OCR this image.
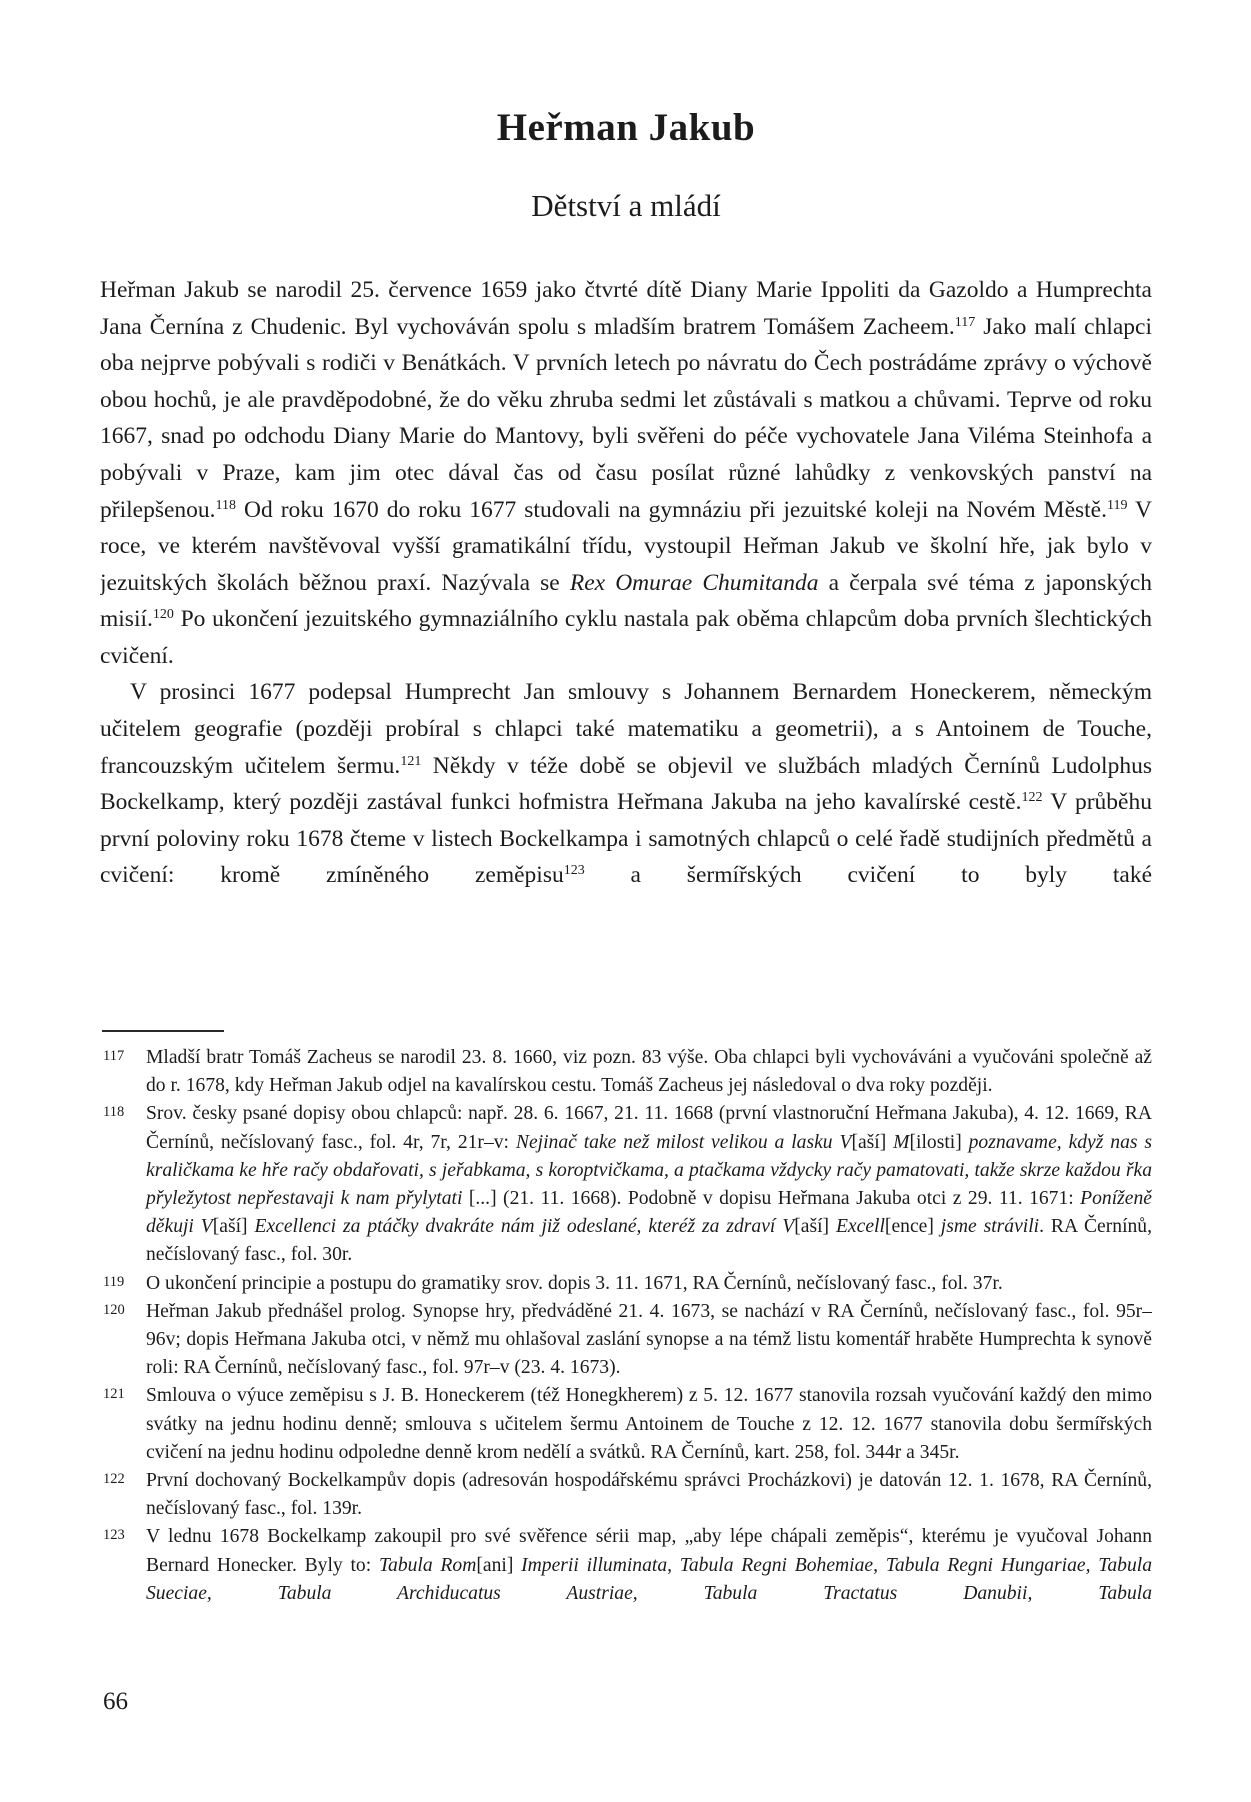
Heřman Jakub
Dětství a mládí

Heřman Jakub se narodil 25. července 1659 jako čtvrté dítě Diany Marie Ippoliti da Gazoldo a Humprechta Jana Černína z Chudenic. Byl vychováván spolu s mladším bratrem Tomášem Zacheem.$^{117}$ Jako malí chlapci oba nejprve pobývali s rodiči v Benátkách. V prvních letech po návratu do Čech postrádáme zprávy o výchově obou hochů, je ale pravděpodobné, že do věku zhruba sedmi let zůstávali s matkou a chůvami. Teprve od roku 1667, snad po odchodu Diany Marie do Mantovy, byli svěřeni do péče vychovatele Jana Viléma Steinhofa a pobývali v Praze, kam jim otec dával čas od času posílat různé lahůdky z venkovských panství na přilepšenou.$^{118}$ Od roku 1670 do roku 1677 studovali na gymnáziu při jezuitské koleji na Novém Městě.$^{119}$ V roce, ve kterém navštěvoval vyšší gramatikální třídu, vystoupil Heřman Jakub ve školní hře, jak bylo v jezuitských školách běžnou praxí. Nazývala se Rex Omurae Chumitanda a čerpala své téma z japonských misií.$^{120}$ Po ukončení jezuitského gymnaziálního cyklu nastala pak oběma chlapcům doba prvních šlechtických cvičení.

V prosinci 1677 podepsal Humprecht Jan smlouvy s Johannem Bernardem Honeckerem, německým učitelem geografie (později probíral s chlapci také matematiku a geometrii), a s Antoinem de Touche, francouzským učitelem šermu.$^{121}$ Někdy v téže době se objevil ve službách mladých Černínů Ludolphus Bockelkamp, který později zastával funkci hofmistra Heřmana Jakuba na jeho kavalírské cestě.$^{122}$ V průběhu první poloviny roku 1678 čteme v listech Bockelkampa i samotných chlapců o celé řadě studijních předmětů a cvičení: kromě zmíněného zeměpisu$^{123}$ a šermířských cvičení to byly také

117 Mladší bratr Tomáš Zacheus se narodil 23. 8. 1660, viz pozn. 83 výše. Oba chlapci byli vychováváni a vyučováni společně až do r. 1678, kdy Heřman Jakub odjel na kavalírskou cestu. Tomáš Zacheus jej následoval o dva roky později.
118 Srov. česky psané dopisy obou chlapců: např. 28. 6. 1667, 21. 11. 1668 (první vlastnoruční Heřmana Jakuba), 4. 12. 1669, RA Černínů, nečíslovaný fasc., fol. 4r, 7r, 21r–v: Nejinač take než milost velikou a lasku V[aší] M[ilosti] poznavame, když nas s kraličkama ke hře račy obdařovati, s jeřabkama, s koroptvičkama, a ptačkama vždycky račy pamatovati, takže skrze každou řka přyležytost nepřestavaji k nam přylytati [...] (21. 11. 1668). Podobně v dopisu Heřmana Jakuba otci z 29. 11. 1671: Poníženě děkuji V[aší] Excellenci za ptáčky dvakráte nám již odeslané, kteréž za zdraví V[aší] Excell[ence] jsme strávili. RA Černínů, nečíslovaný fasc., fol. 30r.
119 O ukončení principie a postupu do gramatiky srov. dopis 3. 11. 1671, RA Černínů, nečíslovaný fasc., fol. 37r.
120 Heřman Jakub přednášel prolog. Synopse hry, předváděné 21. 4. 1673, se nachází v RA Černínů, nečíslovaný fasc., fol. 95r–96v; dopis Heřmana Jakuba otci, v němž mu ohlašoval zaslání synopse a na témž listu komentář hraběte Humprechta k synově roli: RA Černínů, nečíslovaný fasc., fol. 97r–v (23. 4. 1673).
121 Smlouva o výuce zeměpisu s J. B. Honeckerem (též Honegkherem) z 5. 12. 1677 stanovila rozsah vyučování každý den mimo svátky na jednu hodinu denně; smlouva s učitelem šermu Antoinem de Touche z 12. 12. 1677 stanovila dobu šermířských cvičení na jednu hodinu odpoledne denně krom nedělí a svátků. RA Černínů, kart. 258, fol. 344r a 345r.
122 První dochovaný Bockelkampův dopis (adresován hospodářskému správci Procházkovi) je datován 12. 1. 1678, RA Černínů, nečíslovaný fasc., fol. 139r.
123 V lednu 1678 Bockelkamp zakoupil pro své svěřence sérii map, „aby lépe chápali zeměpis“, kterému je vyučoval Johann Bernard Honecker. Byly to: Tabula Rom[ani] Imperii illuminata, Tabula Regni Bohemiae, Tabula Regni Hungariae, Tabula Sueciae, Tabula Archiducatus Austriae, Tabula Tractatus Danubii, Tabula
66
